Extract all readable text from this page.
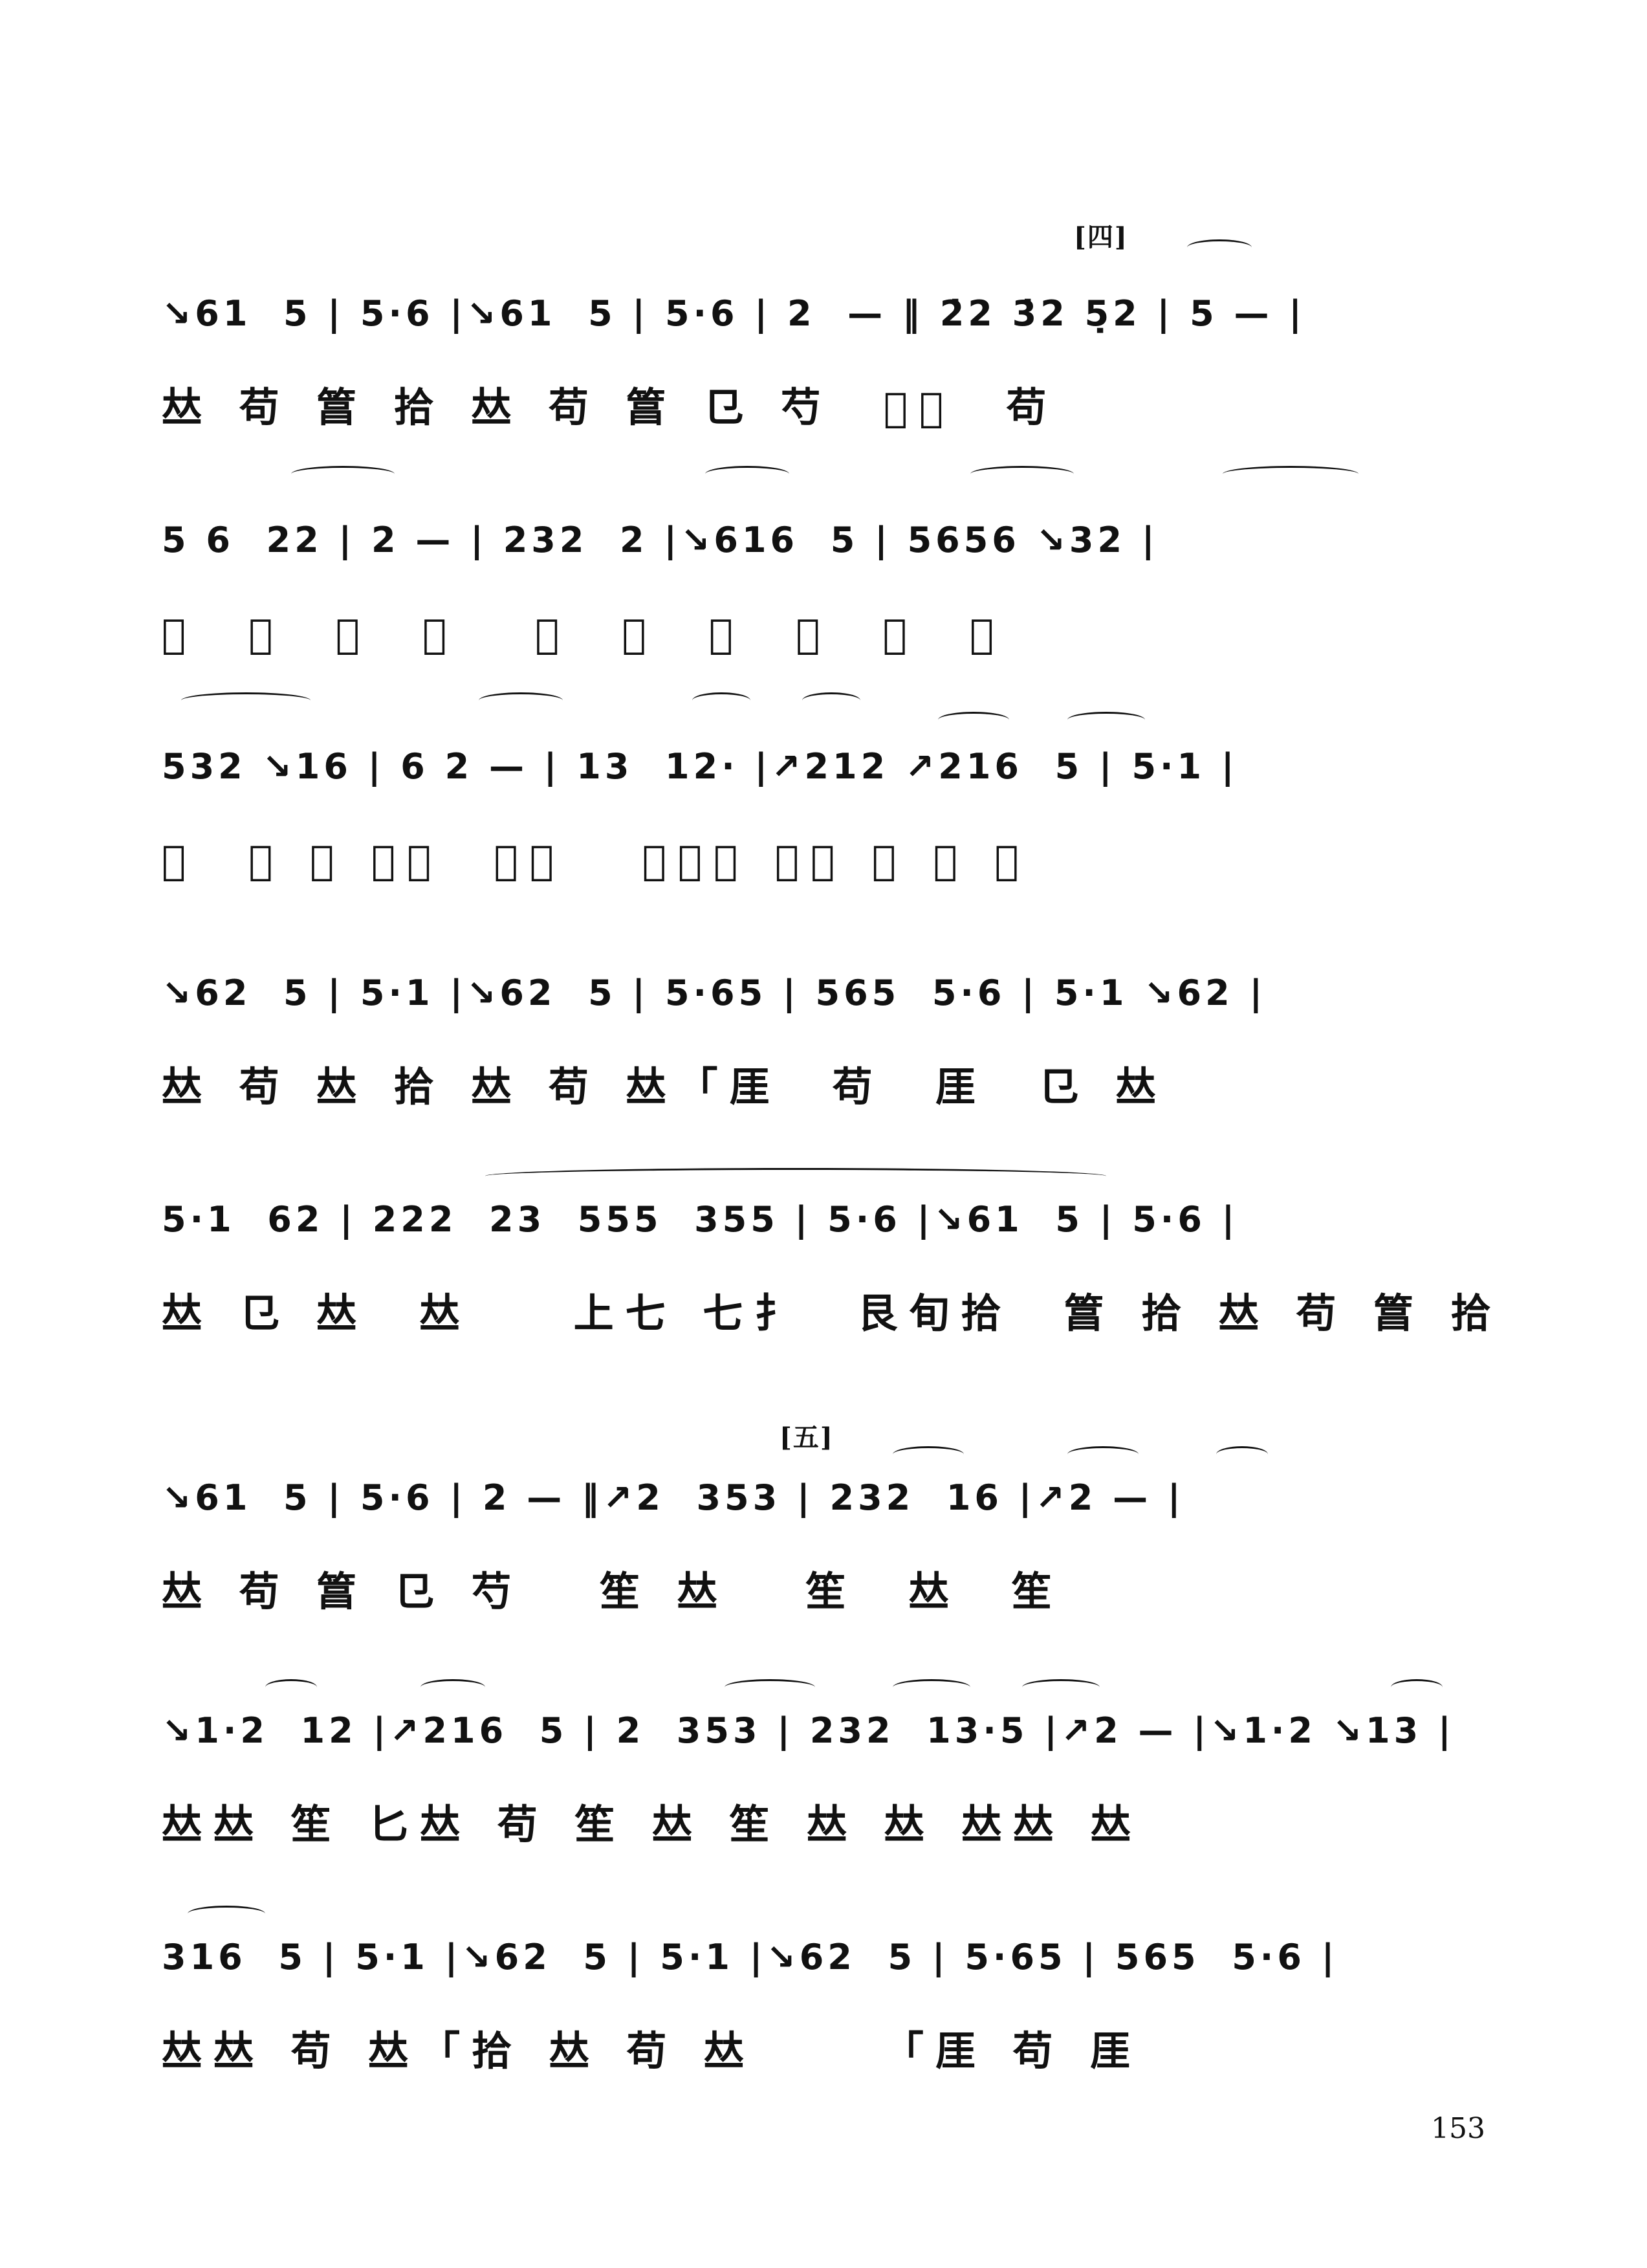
[四]
↘61  5 | 5·6 |↘61  5 | 5·6 | 2  — ‖ 2̇2 3̇2 5̣2 | 5 — |
𠀤 苟 䈞 拾 𠀤 苟 䈞 㔾 芍  𪛉𪛉  苟
5 6  22 | 2 — | 232  2 |↘616  5 | 5656 ↘32 |
𪛉  𪛉  㔾  芍   𪛉  𪛉  𪛉  𪛉  𪛉  𠀤
532 ↘16 | 6 2 — | 13  12· |↗212 ↗216  5 | 5·1 |
𪛉  𠀤 𪛉 上七  𪛉弁   杏艮旬 匕𠀤 苟 𠀤 拾
↘62  5 | 5·1 |↘62  5 | 5·65 | 565  5·6 | 5·1 ↘62 |
𠀤 苟 𠀤 拾 𠀤 苟 𠀤「厓  苟  厓  㔾 𠀤
5·1  62 | 222  23  555  355 | 5·6 |↘61  5 | 5·6 |
𠀤 㔾 𠀤  𠀤    上七 七扌  艮旬拾  䈞 拾 𠀤 苟 䈞 拾
[五]
↘61  5 | 5·6 | 2 — ‖↗2  353 | 232  16 |↗2 — |
𠀤 苟 䈞 㔾 芍   笙 𠀤   笙  𠀤  笙
↘1·2  12 |↗216  5 | 2  353 | 232  13·5 |↗2 — |↘1·2 ↘13 |
𠀤𠀤 笙 匕𠀤 苟 笙 𠀤 笙 𠀤 𠀤 𠀤𠀤 𠀤
316  5 | 5·1 |↘62  5 | 5·1 |↘62  5 | 5·65 | 565  5·6 |
𠀤𠀤 苟 𠀤「拾 𠀤 苟 𠀤     「厓 苟 厓
153
